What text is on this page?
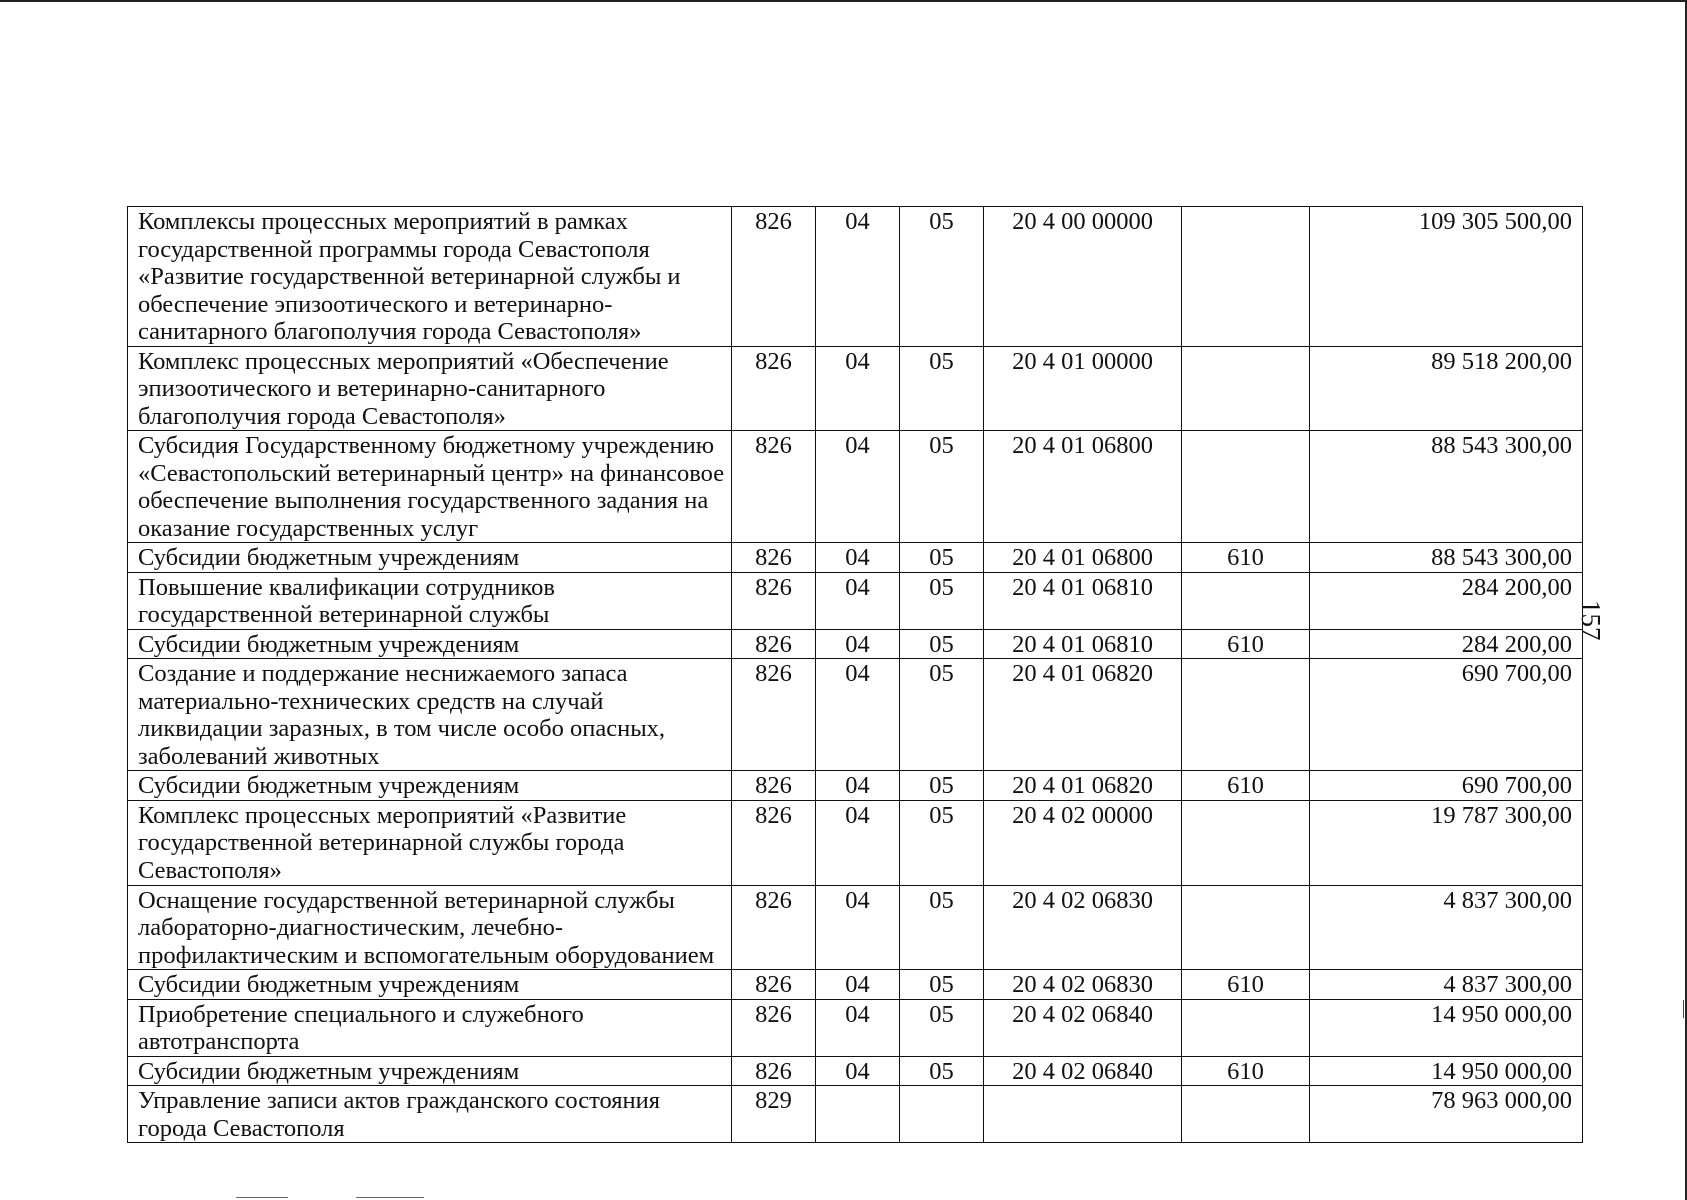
Комплексы процессных мероприятий в рамках государственной программы города Севастополя «Развитие государственной ветеринарной службы и обеспечение эпизоотического и ветеринарно-санитарного благополучия города Севастополя»	826	04	05	20 4 00 00000		109 305 500,00
Комплекс процессных мероприятий «Обеспечение эпизоотического и ветеринарно-санитарного благополучия города Севастополя»	826	04	05	20 4 01 00000		89 518 200,00
Субсидия Государственному бюджетному учреждению «Севастопольский ветеринарный центр» на финансовое обеспечение выполнения государственного задания на оказание государственных услуг	826	04	05	20 4 01 06800		88 543 300,00
Субсидии бюджетным учреждениям	826	04	05	20 4 01 06800	610	88 543 300,00
Повышение квалификации сотрудников государственной ветеринарной службы	826	04	05	20 4 01 06810		284 200,00
Субсидии бюджетным учреждениям	826	04	05	20 4 01 06810	610	284 200,00
Создание и поддержание неснижаемого запаса материально-технических средств на случай ликвидации заразных, в том числе особо опасных, заболеваний животных	826	04	05	20 4 01 06820		690 700,00
Субсидии бюджетным учреждениям	826	04	05	20 4 01 06820	610	690 700,00
Комплекс процессных мероприятий «Развитие государственной ветеринарной службы города Севастополя»	826	04	05	20 4 02 00000		19 787 300,00
Оснащение государственной ветеринарной службы лабораторно-диагностическим, лечебно-профилактическим и вспомогательным оборудованием	826	04	05	20 4 02 06830		4 837 300,00
Субсидии бюджетным учреждениям	826	04	05	20 4 02 06830	610	4 837 300,00
Приобретение специального и служебного автотранспорта	826	04	05	20 4 02 06840		14 950 000,00
Субсидии бюджетным учреждениям	826	04	05	20 4 02 06840	610	14 950 000,00
Управление записи актов гражданского состояния города Севастополя	829					78 963 000,00
157
